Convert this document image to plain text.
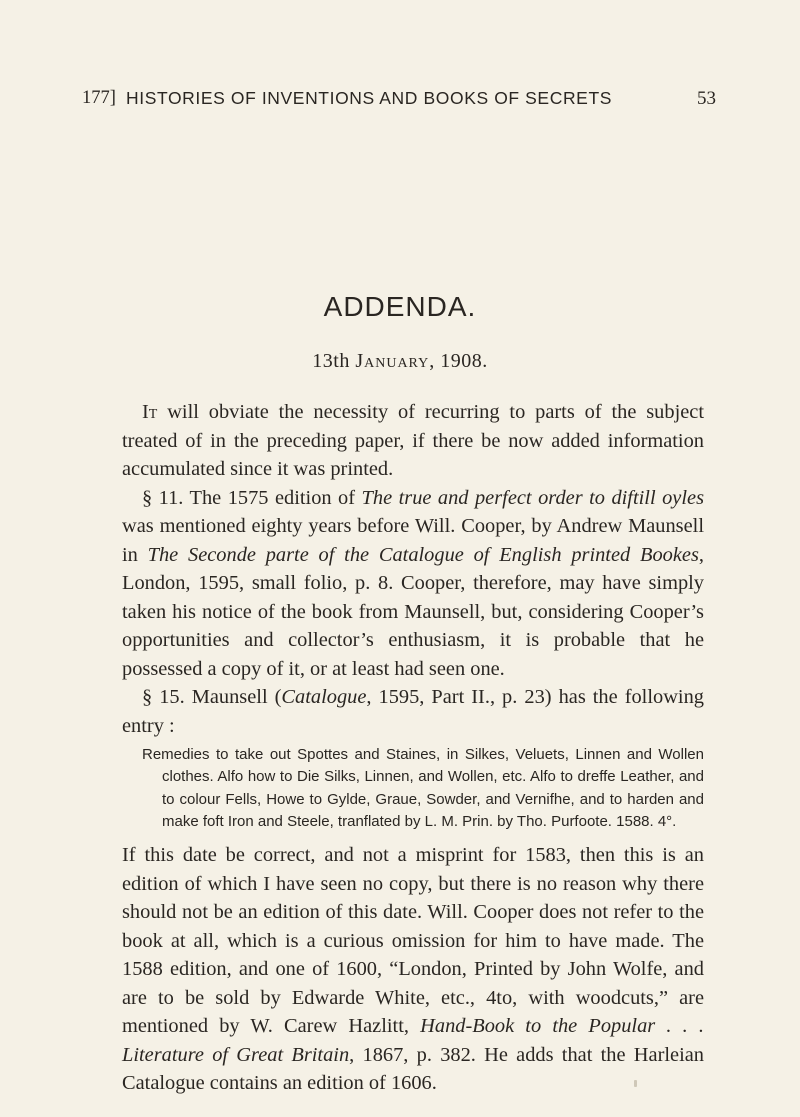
177] HISTORIES OF INVENTIONS AND BOOKS OF SECRETS	53
ADDENDA.
13th January, 1908.

It will obviate the necessity of recurring to parts of the subject treated of in the preceding paper, if there be now added information accumulated since it was printed.

§ 11. The 1575 edition of The true and perfect order to diftill oyles was mentioned eighty years before Will. Cooper, by Andrew Maunsell in The Seconde parte of the Catalogue of English printed Bookes, London, 1595, small folio, p. 8. Cooper, therefore, may have simply taken his notice of the book from Maunsell, but, considering Cooper’s opportunities and collector’s enthusiasm, it is probable that he possessed a copy of it, or at least had seen one.

§ 15. Maunsell (Catalogue, 1595, Part II., p. 23) has the following entry :

Remedies to take out Spottes and Staines, in Silkes, Veluets, Linnen and Wollen clothes. Alfo how to Die Silks, Linnen, and Wollen, etc. Alfo to dreffe Leather, and to colour Fells, Howe to Gylde, Graue, Sowder, and Vernifhe, and to harden and make foft Iron and Steele, tranflated by L. M. Prin. by Tho. Purfoote. 1588. 4°.

If this date be correct, and not a misprint for 1583, then this is an edition of which I have seen no copy, but there is no reason why there should not be an edition of this date. Will. Cooper does not refer to the book at all, which is a curious omission for him to have made. The 1588 edition, and one of 1600, “London, Printed by John Wolfe, and are to be sold by Edwarde White, etc., 4to, with woodcuts,” are mentioned by W. Carew Hazlitt, Hand-Book to the Popular . . . Literature of Great Britain, 1867, p. 382. He adds that the Harleian Catalogue contains an edition of 1606.
